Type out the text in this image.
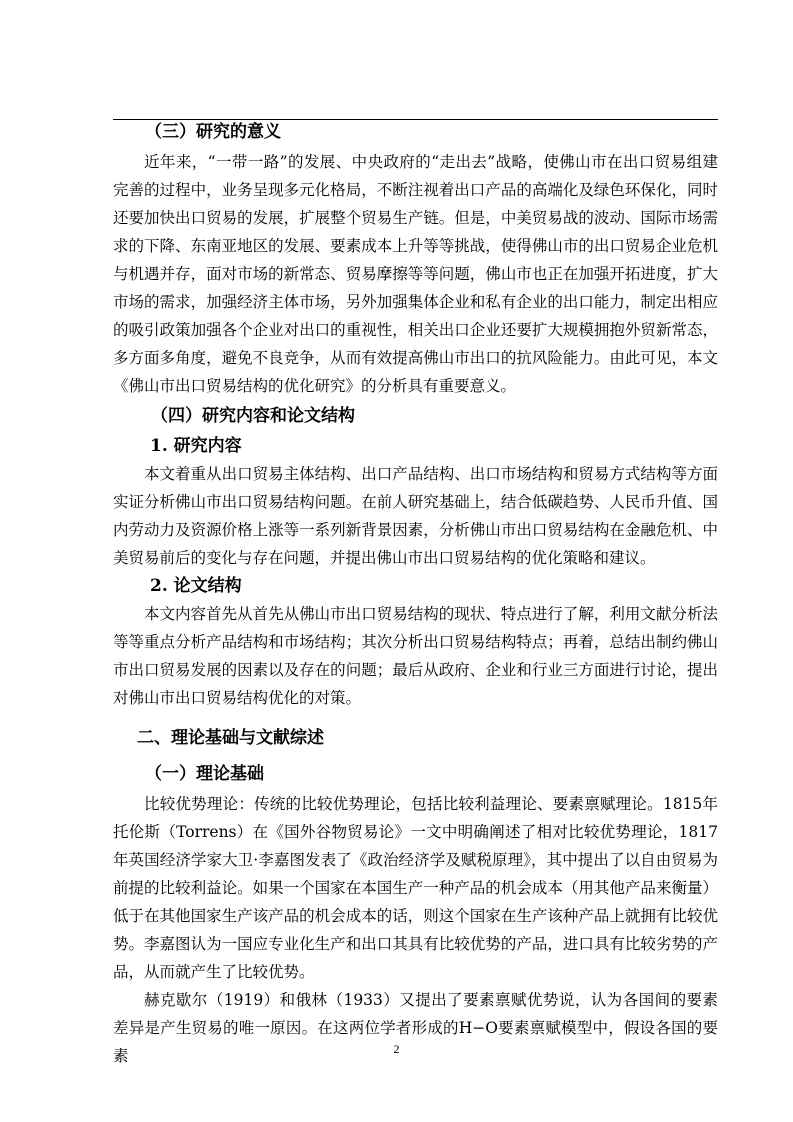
（三）研究的意义

近年来，“一带一路”的发展、中央政府的“走出去”战略，使佛山市在出口贸易组建完善的过程中，业务呈现多元化格局，不断注视着出口产品的高端化及绿色环保化，同时还要加快出口贸易的发展，扩展整个贸易生产链。但是，中美贸易战的波动、国际市场需求的下降、东南亚地区的发展、要素成本上升等等挑战，使得佛山市的出口贸易企业危机与机遇并存，面对市场的新常态、贸易摩擦等等问题，佛山市也正在加强开拓进度，扩大市场的需求，加强经济主体市场，另外加强集体企业和私有企业的出口能力，制定出相应的吸引政策加强各个企业对出口的重视性，相关出口企业还要扩大规模拥抱外贸新常态，多方面多角度，避免不良竞争，从而有效提高佛山市出口的抗风险能力。由此可见，本文《佛山市出口贸易结构的优化研究》的分析具有重要意义。

（四）研究内容和论文结构
1. 研究内容

本文着重从出口贸易主体结构、出口产品结构、出口市场结构和贸易方式结构等方面实证分析佛山市出口贸易结构问题。在前人研究基础上，结合低碳趋势、人民币升值、国内劳动力及资源价格上涨等一系列新背景因素，分析佛山市出口贸易结构在金融危机、中美贸易前后的变化与存在问题，并提出佛山市出口贸易结构的优化策略和建议。

2. 论文结构

本文内容首先从首先从佛山市出口贸易结构的现状、特点进行了解，利用文献分析法等等重点分析产品结构和市场结构；其次分析出口贸易结构特点；再着，总结出制约佛山市出口贸易发展的因素以及存在的问题；最后从政府、企业和行业三方面进行讨论，提出对佛山市出口贸易结构优化的对策。

二、理论基础与文献综述
（一）理论基础

比较优势理论：传统的比较优势理论，包括比较利益理论、要素禀赋理论。1815年托伦斯（Torrens）在《国外谷物贸易论》一文中明确阐述了相对比较优势理论，1817年英国经济学家大卫·李嘉图发表了《政治经济学及赋税原理》，其中提出了以自由贸易为前提的比较利益论。如果一个国家在本国生产一种产品的机会成本（用其他产品来衡量）低于在其他国家生产该产品的机会成本的话，则这个国家在生产该种产品上就拥有比较优势。李嘉图认为一国应专业化生产和出口其具有比较优势的产品，进口具有比较劣势的产品，从而就产生了比较优势。

赫克歇尔（1919）和俄林（1933）又提出了要素禀赋优势说，认为各国间的要素差异是产生贸易的唯一原因。在这两位学者形成的H−O要素禀赋模型中，假设各国的要素	2
